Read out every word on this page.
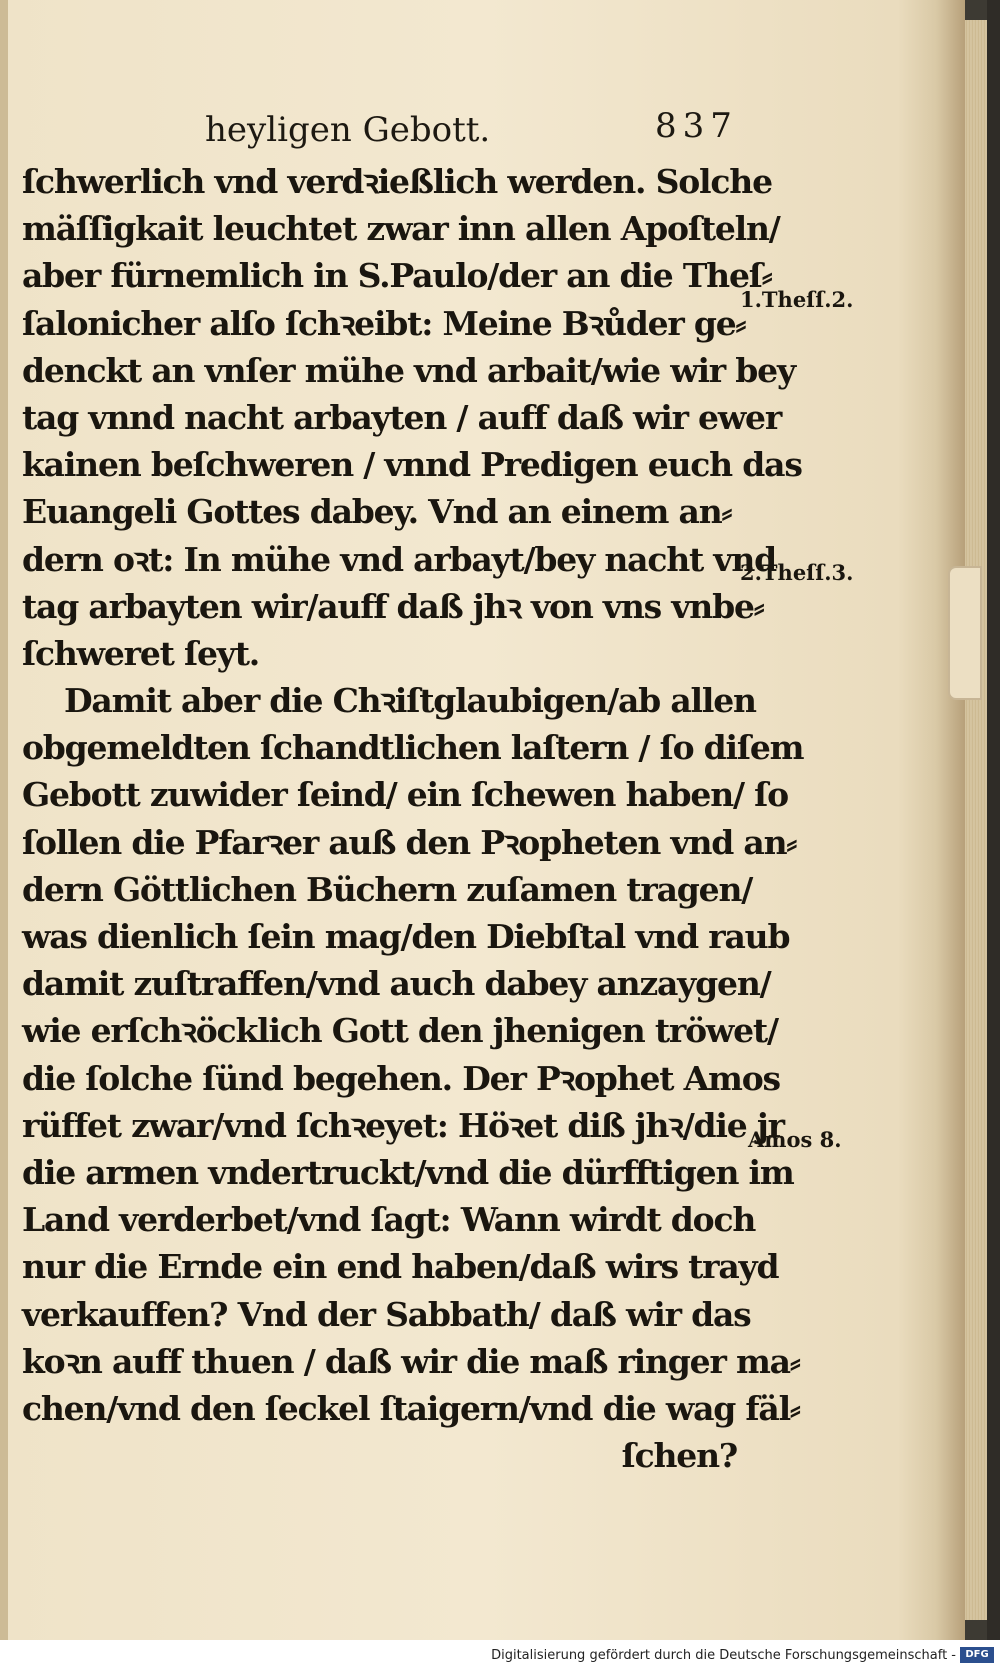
heyligen Gebott.	837
ſchwerlich vnd verdꝛießlich werden. Solche
mäſſigkait leuchtet zwar inn allen Apoſteln/
aber fürnemlich in S.Paulo/der an die Theſ⸗
ſalonicher alſo ſchꝛeibt: Meine Bꝛůder ge⸗
denckt an vnſer mühe vnd arbait/wie wir bey
tag vnnd nacht arbayten / auff daß wir ewer
kainen beſchweren / vnnd Predigen euch das
Euangeli Gottes dabey. Vnd an einem an⸗
dern oꝛt: In mühe vnd arbayt/bey nacht vnd
tag arbayten wir/auff daß jhꝛ von vns vnbe⸗
ſchweret ſeyt.
Damit aber die Chꝛiſtglaubigen/ab allen
obgemeldten ſchandtlichen laſtern / ſo diſem
Gebott zuwider ſeind/ ein ſchewen haben/ ſo
ſollen die Pfarꝛer auß den Pꝛopheten vnd an⸗
dern Göttlichen Büchern zuſamen tragen/
was dienlich ſein mag/den Diebſtal vnd raub
damit zuſtraffen/vnd auch dabey anzaygen/
wie erſchꝛöcklich Gott den jhenigen tröwet/
die ſolche ſünd begehen. Der Pꝛophet Amos
rüffet zwar/vnd ſchꝛeyet: Höꝛet diß jhꝛ/die jr
die armen vndertruckt/vnd die dürfftigen im
Land verderbet/vnd ſagt: Wann wirdt doch
nur die Ernde ein end haben/daß wirs trayd
verkauffen? Vnd der Sabbath/ daß wir das
koꝛn auff thuen / daß wir die maß ringer ma⸗
chen/vnd den ſeckel ſtaigern/vnd die wag fäl⸗
ſchen?
1.Theſſ.2.
2.Theſſ.3.
Amos 8.
Digitalisierung gefördert durch die Deutsche Forschungsgemeinschaft - DFG
